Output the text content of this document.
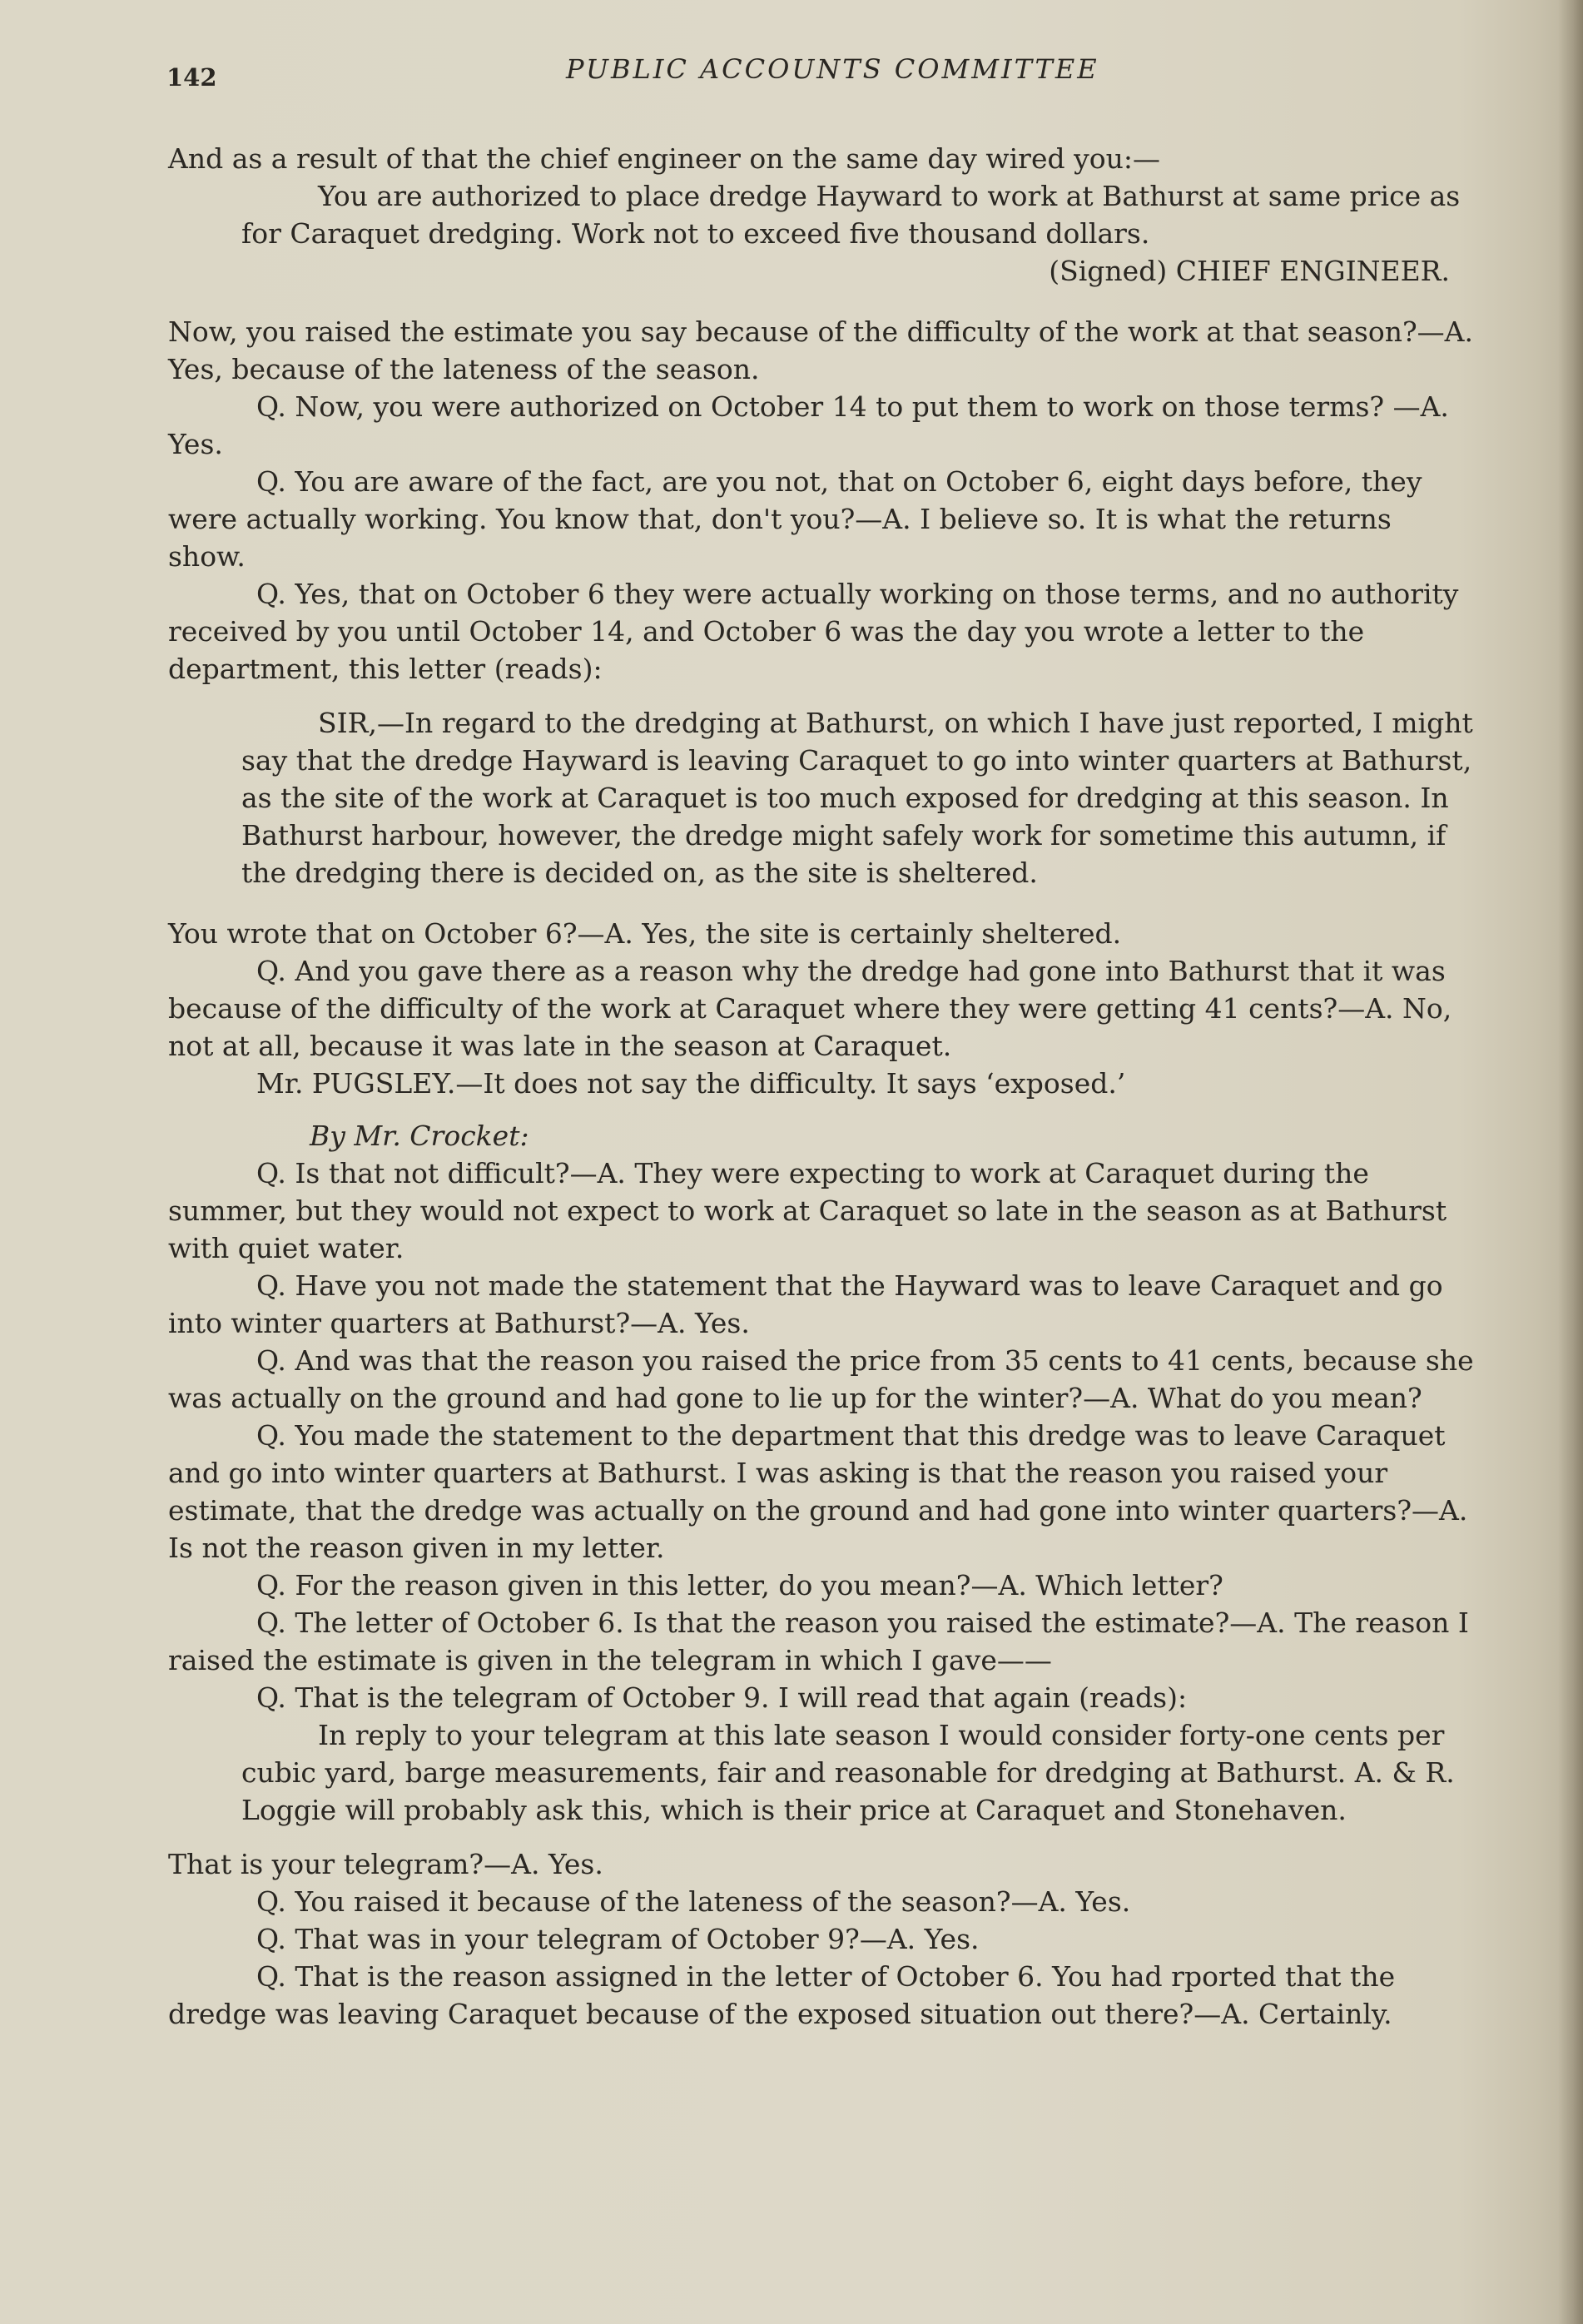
142	PUBLIC ACCOUNTS COMMITTEE

And as a result of that the chief engineer on the same day wired you:—

You are authorized to place dredge Hayward to work at Bathurst at same price as for Caraquet dredging. Work not to exceed five thousand dollars.

(Signed) CHIEF ENGINEER.

Now, you raised the estimate you say because of the difficulty of the work at that season?—A. Yes, because of the lateness of the season.

Q. Now, you were authorized on October 14 to put them to work on those terms? —A. Yes.

Q. You are aware of the fact, are you not, that on October 6, eight days before, they were actually working. You know that, don't you?—A. I believe so. It is what the returns show.

Q. Yes, that on October 6 they were actually working on those terms, and no authority received by you until October 14, and October 6 was the day you wrote a letter to the department, this letter (reads):

SIR,—In regard to the dredging at Bathurst, on which I have just reported, I might say that the dredge Hayward is leaving Caraquet to go into winter quarters at Bathurst, as the site of the work at Caraquet is too much exposed for dredging at this season. In Bathurst harbour, however, the dredge might safely work for sometime this autumn, if the dredging there is decided on, as the site is sheltered.

You wrote that on October 6?—A. Yes, the site is certainly sheltered.

Q. And you gave there as a reason why the dredge had gone into Bathurst that it was because of the difficulty of the work at Caraquet where they were getting 41 cents?—A. No, not at all, because it was late in the season at Caraquet.

Mr. PUGSLEY.—It does not say the difficulty. It says ‘exposed.’

By Mr. Crocket:

Q. Is that not difficult?—A. They were expecting to work at Caraquet during the summer, but they would not expect to work at Caraquet so late in the season as at Bathurst with quiet water.

Q. Have you not made the statement that the Hayward was to leave Caraquet and go into winter quarters at Bathurst?—A. Yes.

Q. And was that the reason you raised the price from 35 cents to 41 cents, because she was actually on the ground and had gone to lie up for the winter?—A. What do you mean?

Q. You made the statement to the department that this dredge was to leave Caraquet and go into winter quarters at Bathurst. I was asking is that the reason you raised your estimate, that the dredge was actually on the ground and had gone into winter quarters?—A. Is not the reason given in my letter.

Q. For the reason given in this letter, do you mean?—A. Which letter?

Q. The letter of October 6. Is that the reason you raised the estimate?—A. The reason I raised the estimate is given in the telegram in which I gave——

Q. That is the telegram of October 9. I will read that again (reads):

In reply to your telegram at this late season I would consider forty-one cents per cubic yard, barge measurements, fair and reasonable for dredging at Bathurst. A. & R. Loggie will probably ask this, which is their price at Caraquet and Stonehaven.

That is your telegram?—A. Yes.

Q. You raised it because of the lateness of the season?—A. Yes.

Q. That was in your telegram of October 9?—A. Yes.

Q. That is the reason assigned in the letter of October 6. You had rported that the dredge was leaving Caraquet because of the exposed situation out there?—A. Certainly.
